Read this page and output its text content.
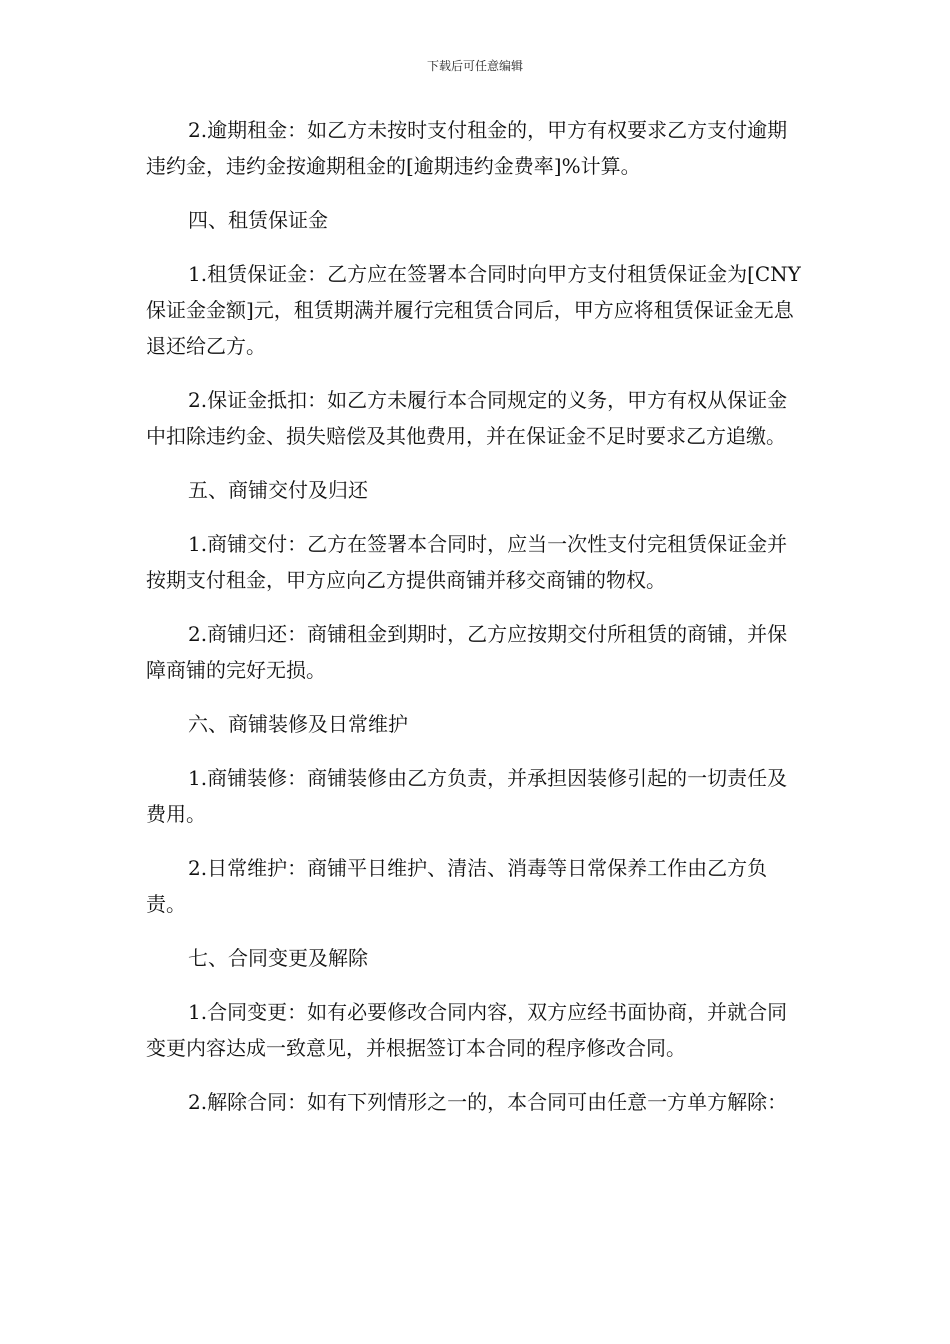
下载后可任意编辑

2.逾期租金：如乙方未按时支付租金的，甲方有权要求乙方支付逾期违约金，违约金按逾期租金的[逾期违约金费率]%计算。

四、租赁保证金

1.租赁保证金：乙方应在签署本合同时向甲方支付租赁保证金为[CNY 保证金金额]元，租赁期满并履行完租赁合同后，甲方应将租赁保证金无息退还给乙方。

2.保证金抵扣：如乙方未履行本合同规定的义务，甲方有权从保证金中扣除违约金、损失赔偿及其他费用，并在保证金不足时要求乙方追缴。

五、商铺交付及归还

1.商铺交付：乙方在签署本合同时，应当一次性支付完租赁保证金并按期支付租金，甲方应向乙方提供商铺并移交商铺的物权。

2.商铺归还：商铺租金到期时，乙方应按期交付所租赁的商铺，并保障商铺的完好无损。

六、商铺装修及日常维护

1.商铺装修：商铺装修由乙方负责，并承担因装修引起的一切责任及费用。

2.日常维护：商铺平日维护、清洁、消毒等日常保养工作由乙方负责。

七、合同变更及解除

1.合同变更：如有必要修改合同内容，双方应经书面协商，并就合同变更内容达成一致意见，并根据签订本合同的程序修改合同。

2.解除合同：如有下列情形之一的，本合同可由任意一方单方解除：
